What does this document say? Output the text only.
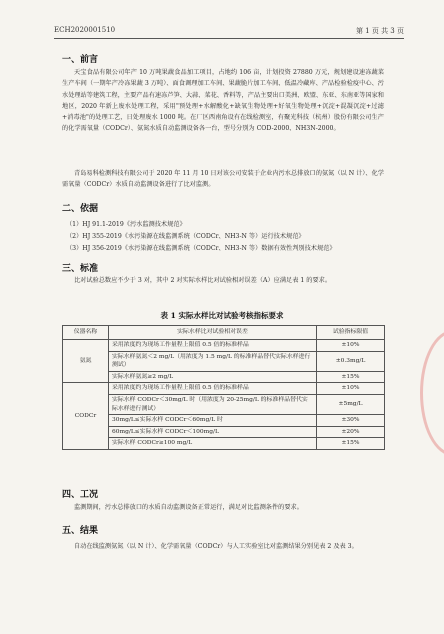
ECH2020001510	第 1 页 共 3 页
一、前言

天宝食品有限公司年产 10 万吨果蔬食品加工项目，占地约 106 亩，计划投资 27880 万元，规划建设速冻蔬菜生产车间（一期年产冷冻果蔬 3 万吨）、面食调理加工车间、果蔬脆片加工车间、低温冷藏库、产品检验检疫中心、污水处理站等建筑工程，主要产品有速冻芦笋、大蒜、菜花、香料等，产品主要出口美洲、欧盟、东亚、东南亚等国家和地区，2020 年新上废水处理工程，采用"预处理+水解酸化+缺氧生物处理+好氧生物处理+沉淀+混凝沉淀+过滤+消毒池"的处理工艺，日处理废水 1000 吨。在厂区西南角设有在线检测室，有聚光科技（杭州）股份有限公司生产的化学需氧量（CODCr）、氨氮水质自动监测设备各一台，型号分别为 COD-2000、NH3N-2000。

青岛易科检测科技有限公司于 2020 年 11 月 10 日对该公司安装于企业内污水总排放口的氨氮（以 N 计）、化学需氧量（CODCr）水质自动监测设备进行了比对监测。

二、依据
（1）HJ 91.1-2019《污水监测技术规范》
（2）HJ 355-2019《水污染源在线监测系统（CODCr、NH3-N 等）运行技术规范》
（3）HJ 356-2019《水污染源在线监测系统（CODCr、NH3-N 等）数据有效性判别技术规范》
三、标准

比对试验总数应不少于 3 对，其中 2 对实际水样比对试验相对误差（A）应满足表 1 的要求。

表 1 实际水样比对试验考核指标要求
仪器名称	实际水样比对试验相对误差	试验指标限值
氨氮	采用浓度约为现场工作量程上限值 0.5 倍的标准样品	±10%
	实际水样氨氮＜2 mg/L（用浓度为 1.5 mg/L 的标准样品替代实际水样进行测试）	±0.3mg/L
	实际水样氨氮≥2 mg/L	±15%
CODCr	采用浓度约为现场工作量程上限值 0.5 倍的标准样品	±10%
	实际水样 CODCr＜30mg/L 时（用浓度为 20-25mg/L 的标准样品替代实际水样进行测试）	±5mg/L
	30mg/L≤实际水样 CODCr＜60mg/L 时	±30%
	60mg/L≤实际水样 CODCr＜100mg/L	±20%
	实际水样 CODCr≥100 mg/L	±15%
四、工况

监测期间，污水总排放口的水质自动监测设备正常运行，满足对比监测条件的要求。

五、结果

自动在线监测氨氮（以 N 计）、化学需氧量（CODCr）与人工实验室比对监测结果分别见表 2 及表 3。
